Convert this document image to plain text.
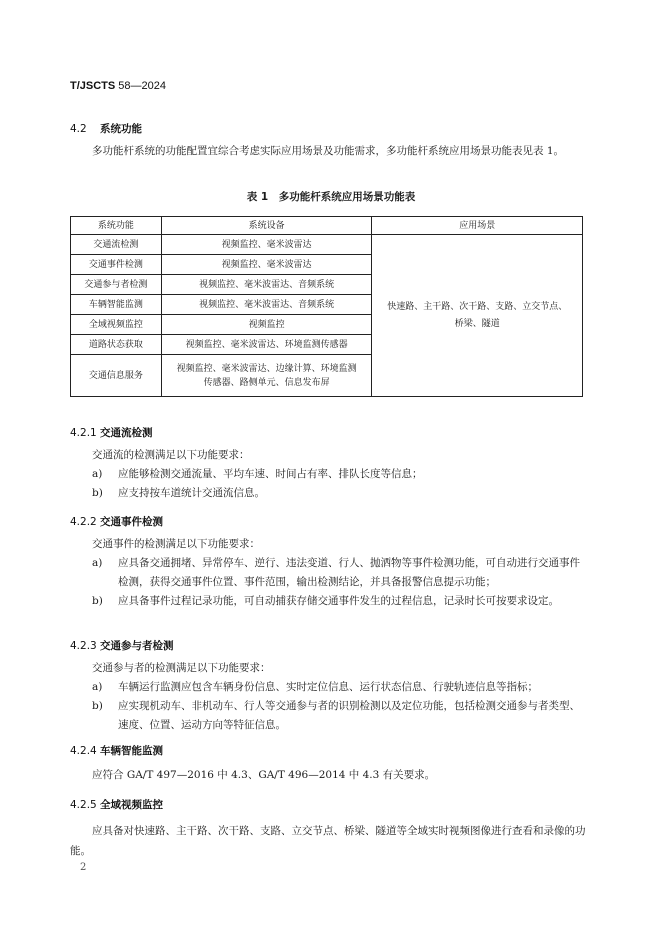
T/JSCTS 58—2024
4.2 系统功能
多功能杆系统的功能配置宜综合考虑实际应用场景及功能需求，多功能杆系统应用场景功能表见表 1。
表 1　多功能杆系统应用场景功能表
系统功能	系统设备	应用场景
交通流检测	视频监控、毫米波雷达	快速路、主干路、次干路、支路、立交节点、
桥梁、隧道

交通事件检测	视频监控、毫米波雷达	
交通参与者检测	视频监控、毫米波雷达、音频系统	
车辆智能监测	视频监控、毫米波雷达、音频系统	
全域视频监控	视频监控	
道路状态获取	视频监控、毫米波雷达、环境监测传感器	
交通信息服务	视频监控、毫米波雷达、边缘计算、环境监测
传感器、路侧单元、信息发布屏	
4.2.1 交通流检测
交通流的检测满足以下功能要求：
a) 应能够检测交通流量、平均车速、时间占有率、排队长度等信息；
b) 应支持按车道统计交通流信息。
4.2.2 交通事件检测
交通事件的检测满足以下功能要求：
a) 应具备交通拥堵、异常停车、逆行、违法变道、行人、抛洒物等事件检测功能，可自动进行交通事件检测，获得交通事件位置、事件范围，输出检测结论，并具备报警信息提示功能；
b) 应具备事件过程记录功能，可自动捕获存储交通事件发生的过程信息，记录时长可按要求设定。
4.2.3 交通参与者检测
交通参与者的检测满足以下功能要求：
a) 车辆运行监测应包含车辆身份信息、实时定位信息、运行状态信息、行驶轨迹信息等指标；
b) 应实现机动车、非机动车、行人等交通参与者的识别检测以及定位功能，包括检测交通参与者类型、速度、位置、运动方向等特征信息。
4.2.4 车辆智能监测
应符合 GA/T 497—2016 中 4.3、GA/T 496—2014 中 4.3 有关要求。
4.2.5 全域视频监控
应具备对快速路、主干路、次干路、支路、立交节点、桥梁、隧道等全域实时视频图像进行查看和录像的功能。
2
